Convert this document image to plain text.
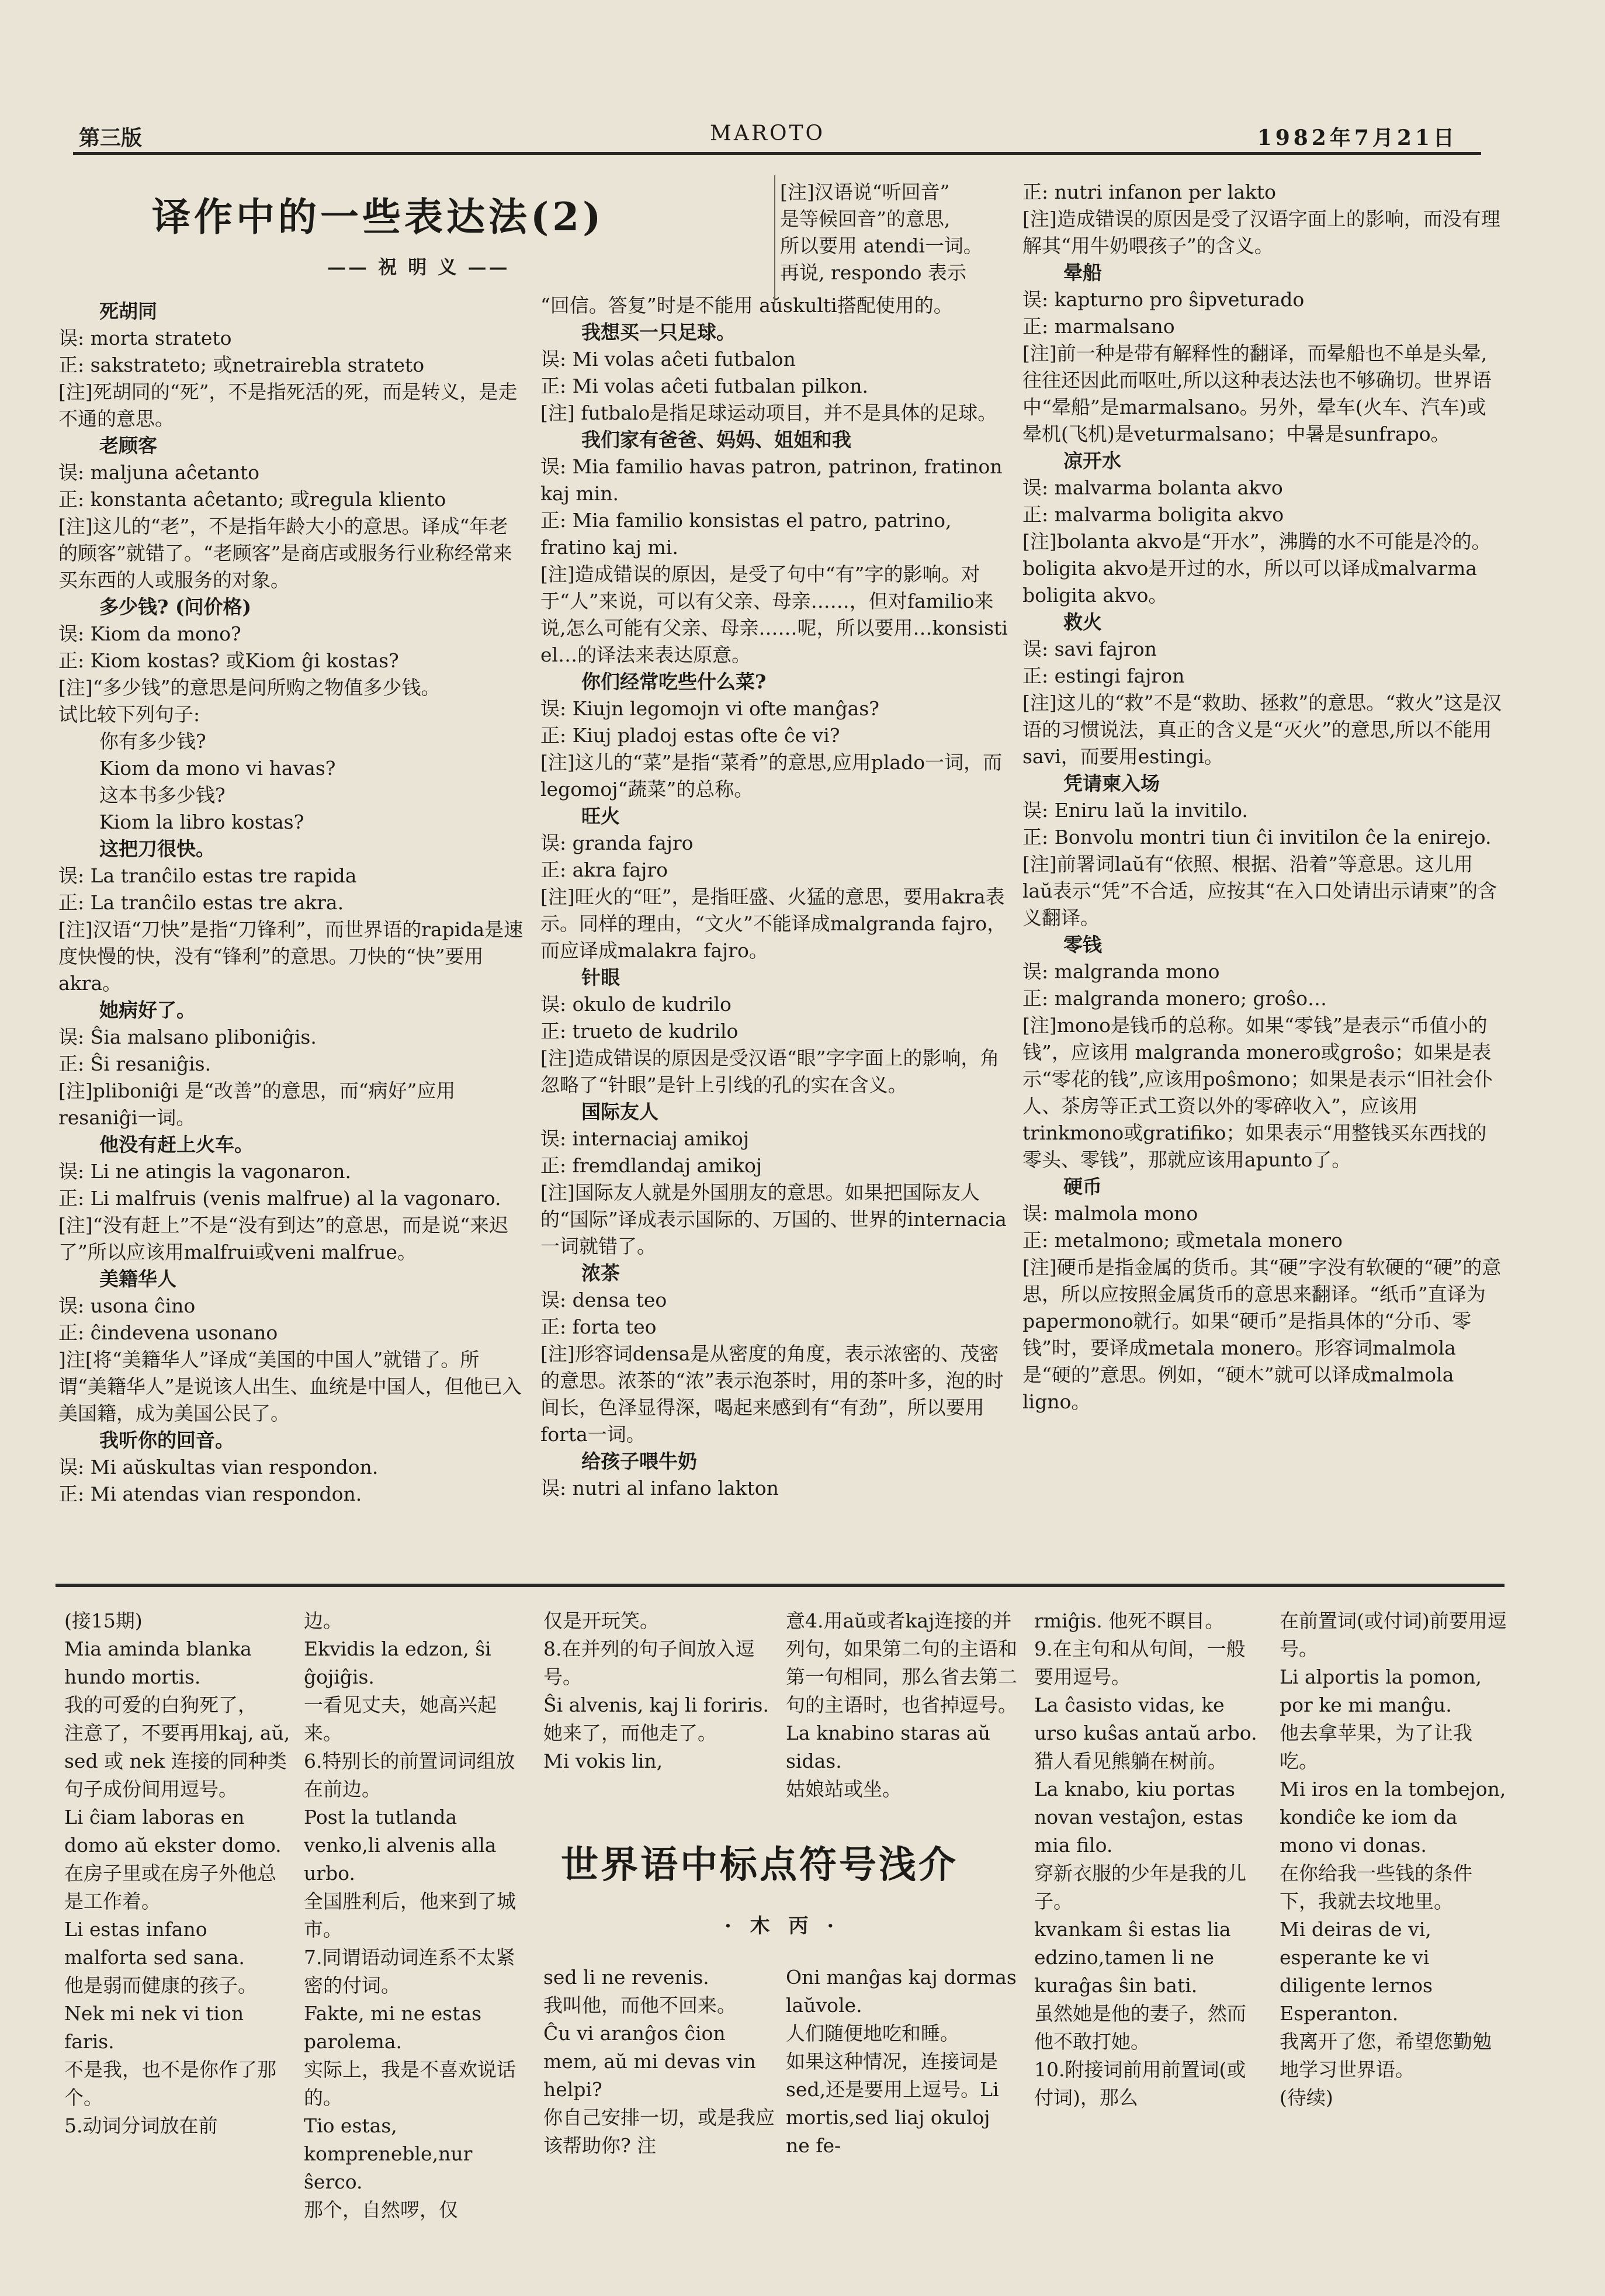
第三版	MAROTO	1982年7月21日
译作中的一些表达法(2)
—— 祝 明 义 ——
死胡同
误: morta strateto
正: sakstrateto; 或netrairebla strateto
[注]死胡同的“死”，不是指死活的死，而是转义，是走不通的意思。
老顾客
误: maljuna aĉetanto
正: konstanta aĉetanto; 或regula kliento
[注]这儿的“老”，不是指年龄大小的意思。译成“年老的顾客”就错了。“老顾客”是商店或服务行业称经常来买东西的人或服务的对象。
多少钱? (问价格)
误: Kiom da mono?
正: Kiom kostas? 或Kiom ĝi kostas?
[注]“多少钱”的意思是问所购之物值多少钱。
试比较下列句子:
你有多少钱?
Kiom da mono vi havas?
这本书多少钱?
Kiom la libro kostas?
这把刀很快。
误: La tranĉilo estas tre rapida
正: La tranĉilo estas tre akra.
[注]汉语“刀快”是指“刀锋利”，而世界语的rapida是速度快慢的快，没有“锋利”的意思。刀快的“快”要用akra。
她病好了。
误: Ŝia malsano pliboniĝis.
正: Ŝi resaniĝis.
[注]pliboniĝi 是“改善”的意思，而“病好”应用resaniĝi一词。
他没有赶上火车。
误: Li ne atingis la vagonaron.
正: Li malfruis (venis malfrue) al la vagonaro.
[注]“没有赶上”不是“没有到达”的意思，而是说“来迟了”所以应该用malfrui或veni malfrue。
美籍华人
误: usona ĉino
正: ĉindevena usonano
]注[将“美籍华人”译成“美国的中国人”就错了。所谓“美籍华人”是说该人出生、血统是中国人，但他已入美国籍，成为美国公民了。
我听你的回音。
误: Mi aŭskultas vian respondon.
正: Mi atendas vian respondon.
[注]汉语说“听回音”
是等候回音”的意思,
所以要用 atendi一词。
再说, respondo 表示
“回信。答复”时是不能用 aŭskulti搭配使用的。
我想买一只足球。
误: Mi volas aĉeti futbalon
正: Mi volas aĉeti futbalan pilkon.
[注] futbalo是指足球运动项目，并不是具体的足球。
我们家有爸爸、妈妈、姐姐和我
误: Mia familio havas patron, patrinon, fratinon kaj min.
正: Mia familio konsistas el patro, patrino, fratino kaj mi.
[注]造成错误的原因，是受了句中“有”字的影响。对于“人”来说，可以有父亲、母亲……，但对familio来说,怎么可能有父亲、母亲……呢，所以要用…konsisti el…的译法来表达原意。
你们经常吃些什么菜?
误: Kiujn legomojn vi ofte manĝas?
正: Kiuj pladoj estas ofte ĉe vi?
[注]这儿的“菜”是指“菜肴”的意思,应用plado一词，而legomoj“蔬菜”的总称。
旺火
误: granda fajro
正: akra fajro
[注]旺火的“旺”，是指旺盛、火猛的意思，要用akra表示。同样的理由，“文火”不能译成malgranda fajro，而应译成malakra fajro。
针眼
误: okulo de kudrilo
正: trueto de kudrilo
[注]造成错误的原因是受汉语“眼”字字面上的影响，角忽略了“针眼”是针上引线的孔的实在含义。
国际友人
误: internaciaj amikoj
正: fremdlandaj amikoj
[注]国际友人就是外国朋友的意思。如果把国际友人的“国际”译成表示国际的、万国的、世界的internacia 一词就错了。
浓茶
误: densa teo
正: forta teo
[注]形容词densa是从密度的角度，表示浓密的、茂密的意思。浓茶的“浓”表示泡茶时，用的茶叶多，泡的时间长，色泽显得深，喝起来感到有“有劲”，所以要用forta一词。
给孩子喂牛奶
误: nutri al infano lakton
正: nutri infanon per lakto
[注]造成错误的原因是受了汉语字面上的影响，而没有理解其“用牛奶喂孩子”的含义。
晕船
误: kapturno pro ŝipveturado
正: marmalsano
[注]前一种是带有解释性的翻译，而晕船也不单是头晕,往往还因此而呕吐,所以这种表达法也不够确切。世界语中“晕船”是marmalsano。另外，晕车(火车、汽车)或晕机(飞机)是veturmalsano；中暑是sunfrapo。
凉开水
误: malvarma bolanta akvo
正: malvarma boligita akvo
[注]bolanta akvo是“开水”，沸腾的水不可能是冷的。boligita akvo是开过的水，所以可以译成malvarma boligita akvo。
救火
误: savi fajron
正: estingi fajron
[注]这儿的“救”不是“救助、拯救”的意思。“救火”这是汉语的习惯说法，真正的含义是“灭火”的意思,所以不能用 savi，而要用estingi。
凭请柬入场
误: Eniru laŭ la invitilo.
正: Bonvolu montri tiun ĉi invitilon ĉe la enirejo.
[注]前署词laŭ有“依照、根据、沿着”等意思。这儿用laŭ表示“凭”不合适，应按其“在入口处请出示请柬”的含义翻译。
零钱
误: malgranda mono
正: malgranda monero; groŝo…
[注]mono是钱币的总称。如果“零钱”是表示“币值小的钱”，应该用 malgranda monero或groŝo；如果是表示“零花的钱”,应该用poŝmono；如果是表示“旧社会仆人、茶房等正式工资以外的零碎收入”，应该用trinkmono或gratifiko；如果表示“用整钱买东西找的零头、零钱”，那就应该用apunto了。
硬币
误: malmola mono
正: metalmono; 或metala monero
[注]硬币是指金属的货币。其“硬”字没有软硬的“硬”的意思，所以应按照金属货币的意思来翻译。“纸币”直译为papermono就行。如果“硬币”是指具体的“分币、零钱”时，要译成metala monero。形容词malmola是“硬的”意思。例如，“硬木”就可以译成malmola ligno。

(接15期)

Mia aminda blanka hundo mortis.

我的可爱的白狗死了，

注意了，不要再用kaj, aŭ, sed 或 nek 连接的同种类句子成份间用逗号。

Li ĉiam laboras en domo aŭ ekster domo.

在房子里或在房子外他总是工作着。

Li estas infano malforta sed sana.

他是弱而健康的孩子。

Nek mi nek vi tion faris.

不是我，也不是你作了那个。

5.动词分词放在前

边。

Ekvidis la edzon, ŝi ĝojiĝis.

一看见丈夫，她高兴起来。

6.特别长的前置词词组放在前边。

Post la tutlanda venko,li alvenis alla urbo.

全国胜利后，他来到了城市。

7.同谓语动词连系不太紧密的付词。

Fakte, mi ne estas parolema.

实际上，我是不喜欢说话的。

Tio estas, kompreneble,nur ŝerco.

那个，自然啰，仅

仅是开玩笑。

8.在并列的句子间放入逗号。

Ŝi alvenis, kaj li foriris.

她来了，而他走了。

Mi vokis lin,

意4.用aŭ或者kaj连接的并列句，如果第二句的主语和第一句相同，那么省去第二句的主语时，也省掉逗号。

La knabino staras aŭ sidas.

姑娘站或坐。

rmiĝis. 他死不瞑目。

9.在主句和从句间，一般要用逗号。

La ĉasisto vidas, ke urso kuŝas antaŭ arbo. 猎人看见熊躺在树前。

La knabo, kiu portas novan vestaĵon, estas mia filo.

穿新衣服的少年是我的儿子。

kvankam ŝi estas lia edzino,tamen li ne kuraĝas ŝin bati.

虽然她是他的妻子，然而他不敢打她。

10.附接词前用前置词(或付词)，那么

在前置词(或付词)前要用逗号。

Li alportis la pomon, por ke mi manĝu.

他去拿苹果，为了让我吃。

Mi iros en la tombejon, kondiĉe ke iom da mono vi donas.

在你给我一些钱的条件下，我就去坟地里。

Mi deiras de vi, esperante ke vi diligente lernos Esperanton.

我离开了您，希望您勤勉地学习世界语。

(待续)

世界语中标点符号浅介
· 木 丙 ·

sed li ne revenis.

我叫他，而他不回来。

Ĉu vi aranĝos ĉion mem, aŭ mi devas vin helpi?

你自己安排一切，或是我应该帮助你? 注

Oni manĝas kaj dormas laŭvole.

人们随便地吃和睡。

如果这种情况，连接词是sed,还是要用上逗号。Li mortis,sed liaj okuloj ne fe-
